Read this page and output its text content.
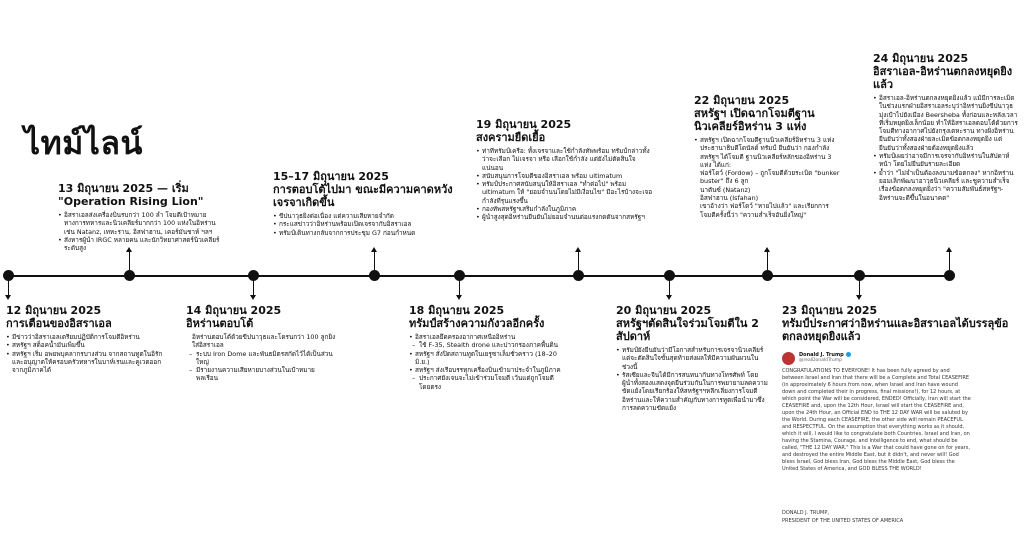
ไทม์ไลน์
13 มิถุนายน 2025 — เริ่ม
"Operation Rising Lion"
• อิสราเอลส่งเครื่องบินรบกว่า 100 ลำ โจมตีเป้าหมายทางการทหารและนิวเคลียร์มากกว่า 100 แห่งในอิหร่าน เช่น Natanz, เทหะราน, อิสฟาฮาน, เคอร์มันชาห์ ฯลฯ
• สังหารผู้นำ IRGC หลายคน และนักวิทยาศาสตร์นิวเคลียร์ระดับสูง
15–17 มิถุนายน 2025
การตอบโต้ไปมา ขณะมีความคาดหวังเจรจาเกิดขึ้น
• ขีปนาวุธยิงต่อเนื่อง แต่ความเสียหายจำกัด
• กระแสข่าวว่าอิหร่านพร้อมเปิดเจรจากับอิสราเอล
• ทรัมป์เดินทางกลับจากการประชุม G7 ก่อนกำหนด
19 มิถุนายน 2025
สงครามยืดเยื้อ
• ท่าทีทรัมป์เครือ: ทั้งเจรจาและใช้กำลังทัพพร้อม ทรัมป์กล่าวทั้งว่าจะเลือก ไม่เจรจา หรือ เลือกใช้กำลัง แต่ยังไม่ตัดสินใจแน่นอน
• สนับสนุนการโจมตีของอิสราเอล พร้อม ultimatum
• ทรัมป์ประกาศสนับสนุนให้อิสราเอล "ทำต่อไป" พร้อม ultimatum ให้ "ยอมจำนนโดยไม่มีเงื่อนไข" มีอะไรบ้างจะเจอกำลังที่รุนแรงขึ้น
• กองทัพสหรัฐฯเสริมกำลังในภูมิภาค
• ผู้นำสูงสุดอิหร่านยืนยันไม่ยอมจำนนต่อแรงกดดันจากสหรัฐฯ
22 มิถุนายน 2025
สหรัฐฯ เปิดฉากโจมตีฐานนิวเคลียร์อิหร่าน 3 แห่ง
• สหรัฐฯ เปิดฉากโจมตีฐานนิวเคลียร์อิหร่าน 3 แห่ง
ประธานาธิบดีโดนัลด์ ทรัมป์ ยืนยันว่า กองกำลังสหรัฐฯ ได้โจมตี ฐานนิวเคลียร์หลักของอิหร่าน 3 แห่ง ได้แก่:
ฟอร์โดว์ (Fordow) – ถูกโจมตีด้วยระเบิด "bunker buster" ถึง 6 ลูก
นาตันซ์ (Natanz)
อิสฟาฮาน (Isfahan)
เขาอ้างว่า ฟอร์โดว์ "หายไปแล้ว" และเรียกการโจมตีครั้งนี้ว่า "ความสำเร็จอันยิ่งใหญ่"
24 มิถุนายน 2025
อิสราเอล-อิหร่านตกลงหยุดยิงแล้ว
• อิสราเอล-อิหร่านตกลงหยุดยิงแล้ว แม้มีการละเมิดในช่วงแรกฝ่ายอิสราเอลระบุว่าอิหร่านยิงขีปนาวุธ มุ่งเป้าไปยังเมือง Beersheba ทั้งก่อนและหลังเวลาที่เริ่มหยุดยิงเล็กน้อย ทำให้อิสราเอลตอบโต้ด้วยการโจมตีทางอากาศไปยังกรุงเตหะราน ทางฝั่งอิหร่านยืนยันว่าทั้งสองฝ่ายละเมิดข้อตกลงหยุดยิง แต่ยืนยันว่าทั้งสองฝ่ายต้องหยุดยิงแล้ว
• ทรัมป์เผยว่าอาจมีการเจรจากับอิหร่านในสัปดาห์หน้า โดยไม่ยืนยันรายละเอียด
• ย้ำว่า "ไม่จำเป็นต้องลงนามข้อตกลง" หากอิหร่านยอมเลิกพัฒนาอาวุธนิวเคลียร์ และชูความสำเร็จเรื่องข้อตกลงหยุดยิงว่า "ความสัมพันธ์สหรัฐฯ-อิหร่านจะดีขึ้นในอนาคต"
12 มิถุนายน 2025
การเตือนของอิสราเอล
• มีข่าวว่าอิสราเอลเตรียมปฏิบัติการโจมตีอิหร่าน
• สหรัฐฯ สต็อคน้ำมันเพิ่มขึ้น
• สหรัฐฯ เริ่ม อพยพบุคลากรบางส่วน จากสถานทูตในอิรักและอนุญาตให้ครอบครัวทหารในบาห์เรนและคูเวตออกจากภูมิภาคได้
14 มิถุนายน 2025
อิหร่านตอบโต้
อิหร่านตอบโต้ด้วยขีปนาวุธและโดรนกว่า 100 ลูกยิงใส่อิสราเอล
– ระบบ Iron Dome และพันธมิตรสกัดไว้ได้เป็นส่วนใหญ่
– มีรายงานความเสียหายบางส่วนในเป้าหมายพลเรือน
18 มิถุนายน 2025
ทรัมป์สร้างความกังวลอีกครั้ง
• อิสราเอลยึดครองอากาศเหนืออิหร่าน
– ใช้ F-35, Stealth drone และปาวกรองภาคพื้นดิน
• สหรัฐฯ สั่งปิดสถานทูตในเยรูซาเล็มชั่วคราว (18–20 มิ.ย.)
• สหรัฐฯ ส่งเรือบรรทุกเครื่องบินเข้ามาประจำในภูมิภาค
– ประกาศยังเจนจะไม่เข้าร่วมโจมตี เว้นแต่ถูกโจมตีโดยตรง
20 มิถุนายน 2025
สหรัฐฯตัดสินใจร่วมโจมตีใน 2 สัปดาห์
• ทรัมป์ยังยืนยันว่ามีโอกาสสำหรับการเจรจานิวเคลียร์ แต่จะตัดสินใจขั้นสุดท้ายส่งผลให้มีความผันผวนในช่วงนี้
• รัสเซียและจีนได้มีการสนทนากันทางโทรศัพท์ โดยผู้นำทั้งสองแสดงจุดยืนร่วมกันในการพยายามลดความขัดแย้งโดยเรียกร้องให้สหรัฐฯฯหลีกเลี่ยงการโจมตีอิหร่านและให้ความสำคัญกับทางการทูตเพื่อนำมาซึ่งการลดความขัดแย้ง
23 มิถุนายน 2025
ทรัมป์ประกาศว่าอิหร่านและอิสราเอลได้บรรลุข้อตกลงหยุดยิงแล้ว
Donald J. Trump
@realDonaldTrump
CONGRATULATIONS TO EVERYONE! It has been fully agreed by and between Israel and Iran that there will be a Complete and Total CEASEFIRE (in approximately 6 hours from now, when Israel and Iran have wound down and completed their in progress, final missions!), for 12 hours, at which point the War will be considered, ENDED! Officially, Iran will start the CEASEFIRE and, upon the 12th Hour, Israel will start the CEASEFIRE and, upon the 24th Hour, an Official END to THE 12 DAY WAR will be saluted by the World. During each CEASEFIRE, the other side will remain PEACEFUL and RESPECTFUL. On the assumption that everything works as it should, which it will, I would like to congratulate both Countries, Israel and Iran, on having the Stamina, Courage, and Intelligence to end, what should be called, "THE 12 DAY WAR." This is a War that could have gone on for years, and destroyed the entire Middle East, but it didn't, and never will! God bless Israel, God bless Iran, God bless the Middle East, God bless the United States of America, and GOD BLESS THE WORLD!
DONALD J. TRUMP,
PRESIDENT OF THE UNITED STATES OF AMERICA
